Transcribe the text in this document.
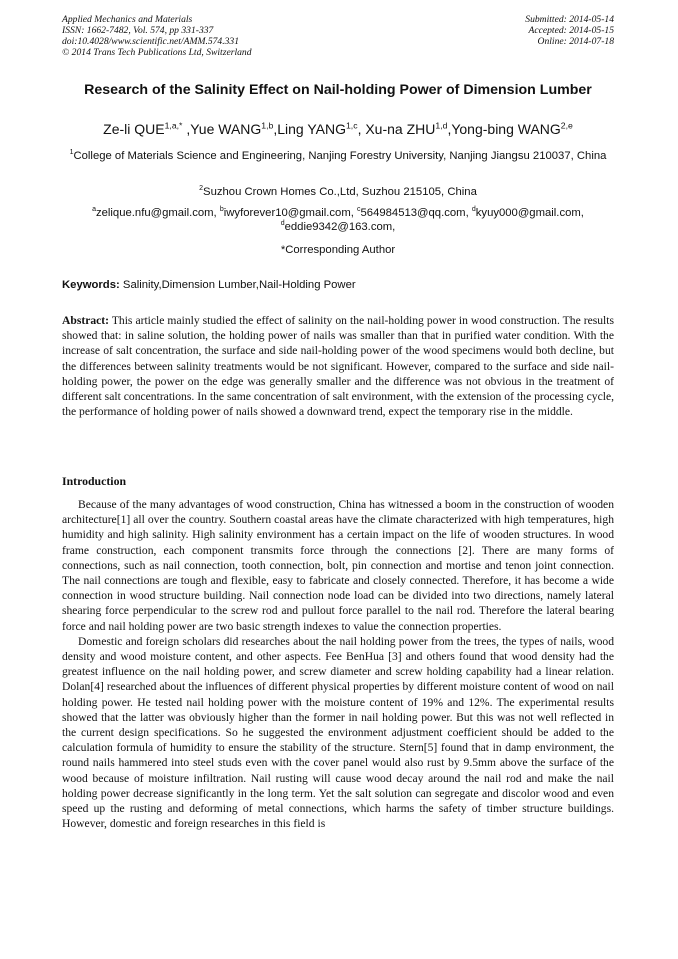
Applied Mechanics and Materials
ISSN: 1662-7482, Vol. 574, pp 331-337
doi:10.4028/www.scientific.net/AMM.574.331
© 2014 Trans Tech Publications Ltd, Switzerland
Submitted: 2014-05-14
Accepted: 2014-05-15
Online: 2014-07-18
Research of the Salinity Effect on Nail-holding Power of Dimension Lumber
Ze-li $QUE^{1,a,*}$ ,Yue WANG$^{1,b}$,Ling YANG$^{1,c}$, Xu-na ZHU$^{1,d}$,Yong-bing WANG$^{2,e}$
$^1$College of Materials Science and Engineering, Nanjing Forestry University, Nanjing Jiangsu 210037, China
$^2$Suzhou Crown Homes Co.,Ltd, Suzhou 215105, China
$^a$zelique.nfu@gmail.com, $^b$iwyforever10@gmail.com, $^c$564984513@qq.com, $^d$kyuy000@gmail.com, $^d$eddie9342@163.com,
*Corresponding Author
Keywords: Salinity,Dimension Lumber,Nail-Holding Power
Abstract: This article mainly studied the effect of salinity on the nail-holding power in wood construction. The results showed that: in saline solution, the holding power of nails was smaller than that in purified water condition. With the increase of salt concentration, the surface and side nail-holding power of the wood specimens would both decline, but the differences between salinity treatments would be not significant. However, compared to the surface and side nail-holding power, the power on the edge was generally smaller and the difference was not obvious in the treatment of different salt concentrations. In the same concentration of salt environment, with the extension of the processing cycle, the performance of holding power of nails showed a downward trend, expect the temporary rise in the middle.
Introduction

Because of the many advantages of wood construction, China has witnessed a boom in the construction of wooden architecture[1] all over the country. Southern coastal areas have the climate characterized with high temperatures, high humidity and high salinity. High salinity environment has a certain impact on the life of wooden structures. In wood frame construction, each component transmits force through the connections [2]. There are many forms of connections, such as nail connection, tooth connection, bolt, pin connection and mortise and tenon joint connection. The nail connections are tough and flexible, easy to fabricate and closely connected. Therefore, it has become a wide connection in wood structure building. Nail connection node load can be divided into two directions, namely lateral shearing force perpendicular to the screw rod and pullout force parallel to the nail rod. Therefore the lateral bearing force and nail holding power are two basic strength indexes to value the connection properties.

Domestic and foreign scholars did researches about the nail holding power from the trees, the types of nails, wood density and wood moisture content, and other aspects. Fee BenHua [3] and others found that wood density had the greatest influence on the nail holding power, and screw diameter and screw holding capability had a linear relation. Dolan[4] researched about the influences of different physical properties by different moisture content of wood on nail holding power. He tested nail holding power with the moisture content of 19% and 12%. The experimental results showed that the latter was obviously higher than the former in nail holding power. But this was not well reflected in the current design specifications. So he suggested the environment adjustment coefficient should be added to the calculation formula of humidity to ensure the stability of the structure. Stern[5] found that in damp environment, the round nails hammered into steel studs even with the cover panel would also rust by 9.5mm above the surface of the wood because of moisture infiltration. Nail rusting will cause wood decay around the nail rod and make the nail holding power decrease significantly in the long term. Yet the salt solution can segregate and discolor wood and even speed up the rusting and deforming of metal connections, which harms the safety of timber structure buildings. However, domestic and foreign researches in this field is
